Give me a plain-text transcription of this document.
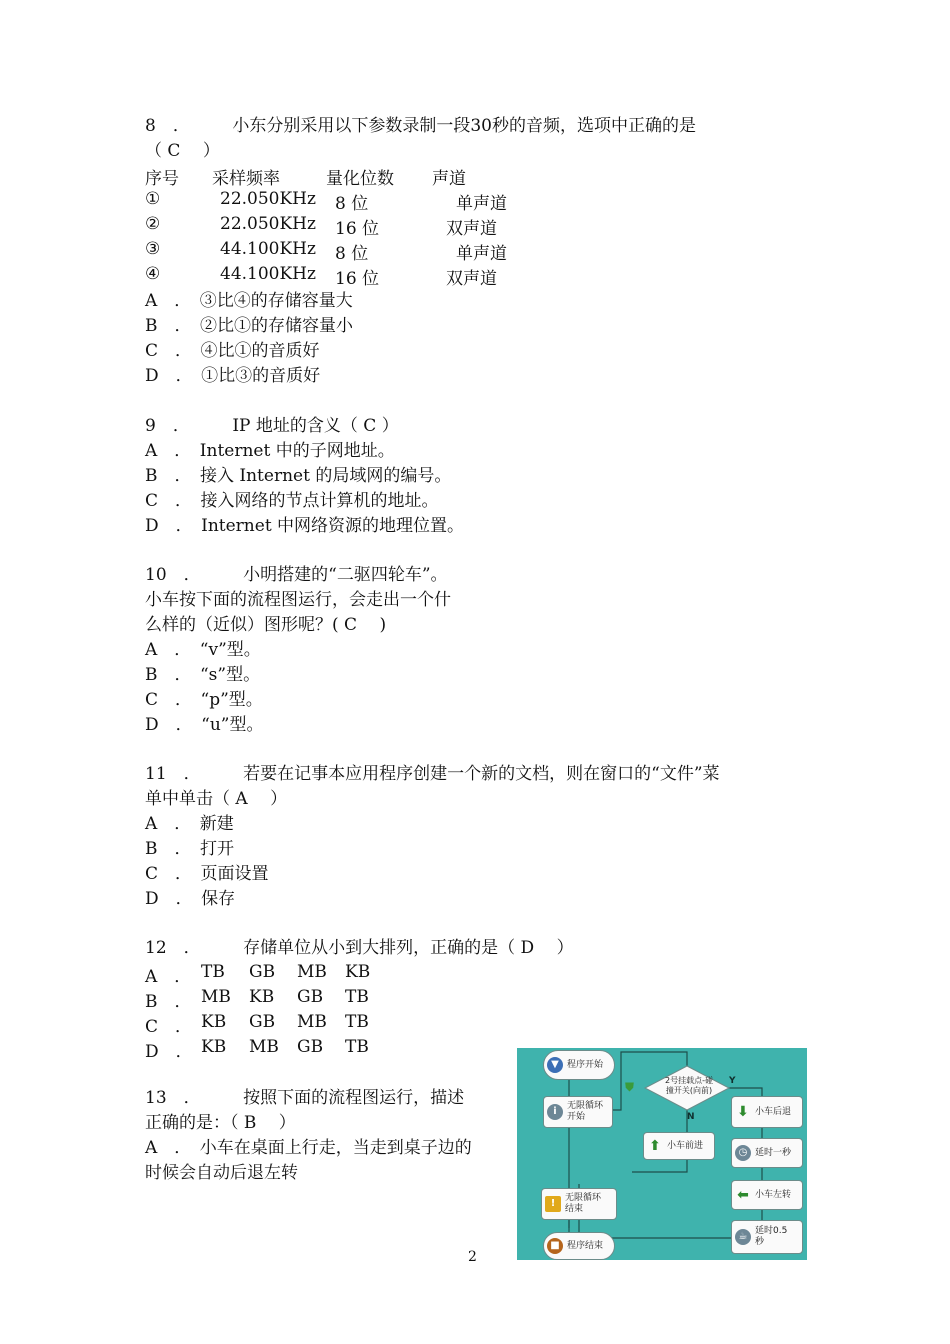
8　．　　　小东分别采用以下参数录制一段30秒的音频，选项中正确的是
（ C 　）
序号 采样频率	量化位数 声道
①	22.050KHz 8 位	单声道
②	22.050KHz 16 位	双声道
③	44.100KHz 8 位	单声道
④	44.100KHz 16 位	双声道
A　．　③比④的存储容量大
B　．　②比①的存储容量小
C　．　④比①的音质好
D　．　①比③的音质好
9　．　　　IP 地址的含义（ C ）
A　．　Internet 中的子网地址。
B　．　接入 Internet 的局域网的编号。
C　．　接入网络的节点计算机的地址。
D　．　Internet 中网络资源的地理位置。
10　．　　　小明搭建的“二驱四轮车”。
小车按下面的流程图运行，会走出一个什
么样的（近似）图形呢？( C 　)
A　．　“v”型。
B　．　“s”型。
C　．　“p”型。
D　．　“u”型。
11　．　　　若要在记事本应用程序创建一个新的文档，则在窗口的“文件”菜
单中单击（ A 　）
A　．　新建
B　．　打开
C　．　页面设置
D　．　保存
12　．　　　存储单位从小到大排列，正确的是（ D 　）
A　． TB GB MB KB
B　． MB KB GB TB
C　． KB GB MB TB
D　． KB MB GB TB
13　．　　　按照下面的流程图运行，描述
正确的是：（ B 　）
A　．　小车在桌面上行走，当走到桌子边的
时候会自动后退左转
▼ 程序开始
i	无限循环
开始
⛊	2号挂载点-碰
撞开关(向前)
Y
N
⬆ 小车前进
⬇ 小车后退
◷ 延时一秒
⬅ 小车左转
☕ 延时0.5
秒
!	无限循环
结束
■ 程序结束
2
